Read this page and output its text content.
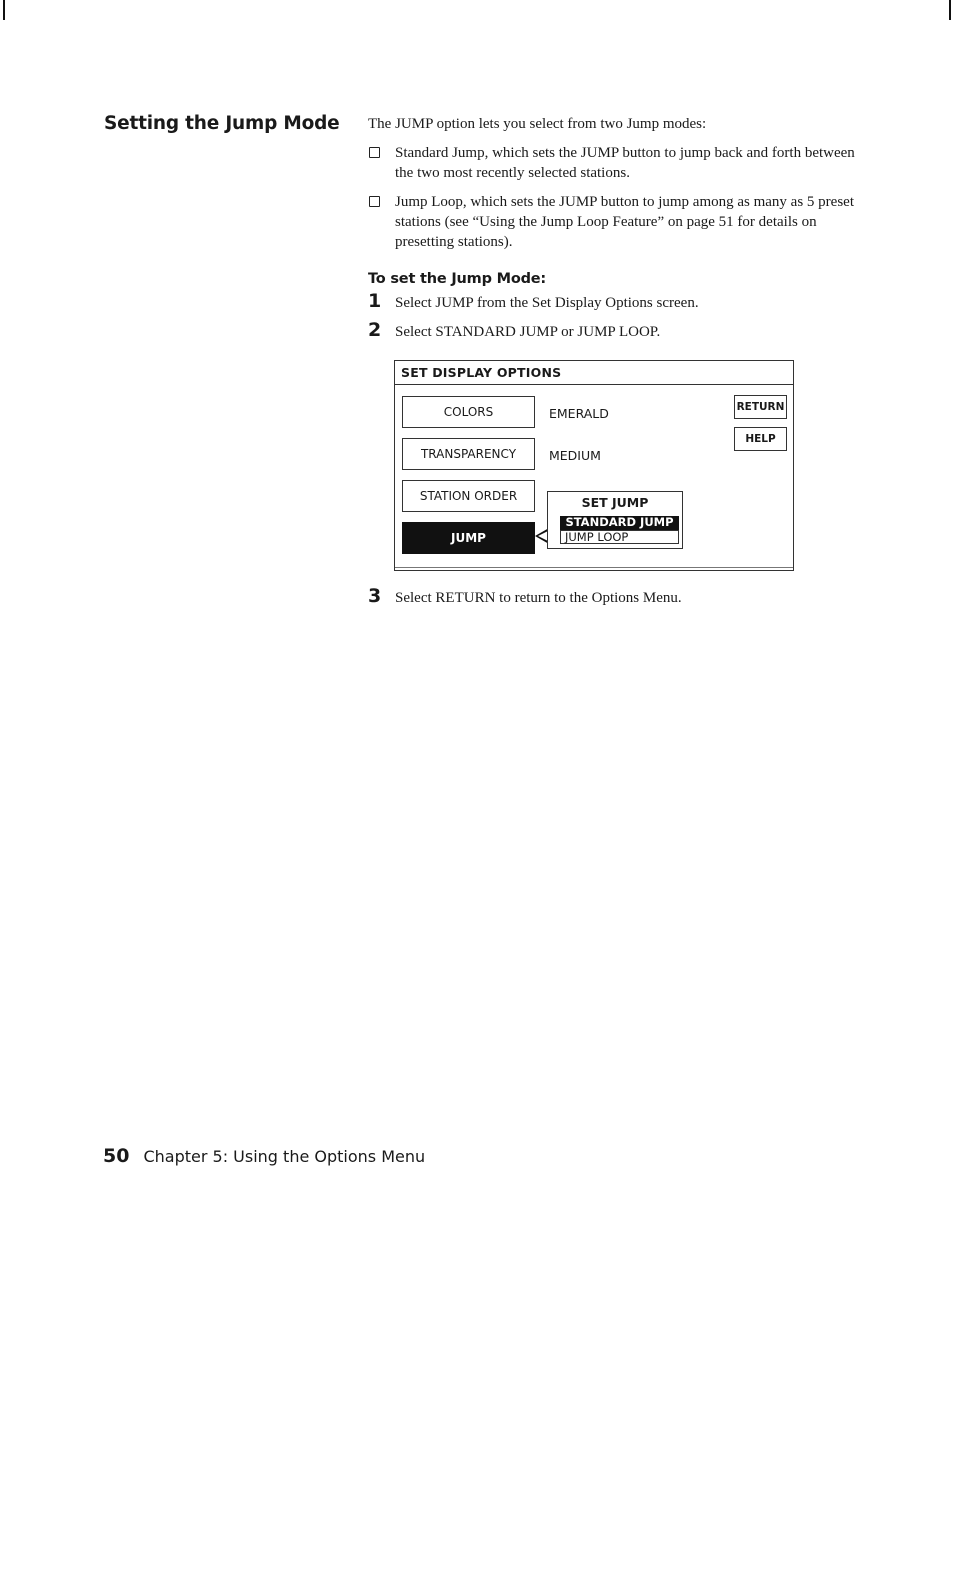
Setting the Jump Mode The JUMP option lets you select from two Jump modes:

Standard Jump, which sets the JUMP button to jump back and forth between the two most recently selected stations.
Jump Loop, which sets the JUMP button to jump among as many as 5 preset stations (see “Using the Jump Loop Feature” on page 51 for details on presetting stations).
To set the Jump Mode:
1 Select JUMP from the Set Display Options screen.
2 Select STANDARD JUMP or JUMP LOOP.
SET DISPLAY OPTIONS
COLORS	EMERALD
TRANSPARENCY	MEDIUM
STATION ORDER
JUMP
RETURN
HELP
SET JUMP
STANDARD JUMP
JUMP LOOP
3 Select RETURN to return to the Options Menu.
50 Chapter 5: Using the Options Menu
